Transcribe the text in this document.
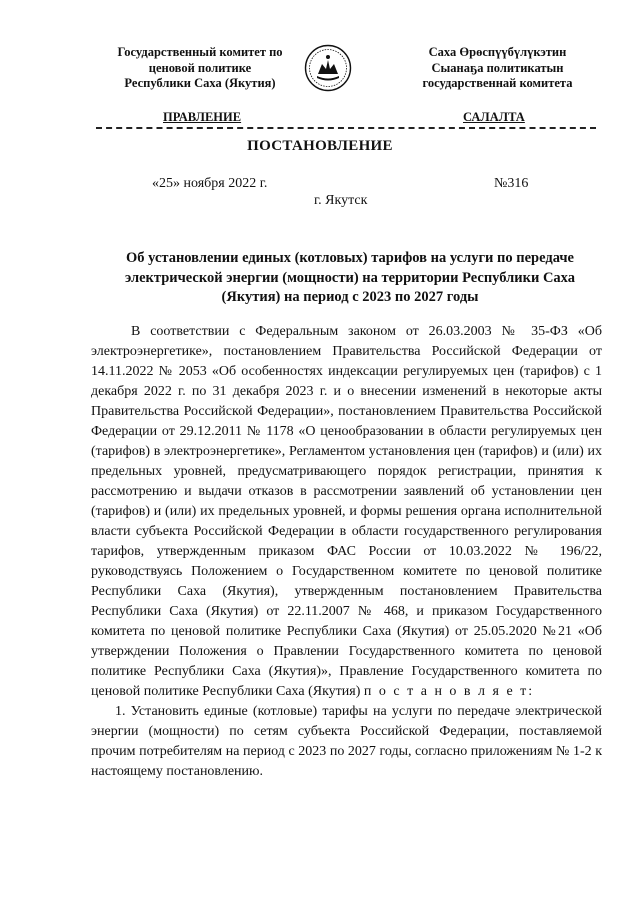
Государственный комитет по
ценовой политике
Республики Саха (Якутия)
Саха Өрөспүүбүлүкэтин
Сыанаҕа политикатын
государственнай комитета
ПРАВЛЕНИЕ	САЛАЛТА
ПОСТАНОВЛЕНИЕ
«25» ноября 2022 г.	№316
г. Якутск
Об установлении единых (котловых) тарифов на услуги по передаче
электрической энергии (мощности) на территории Республики Саха
(Якутия) на период с 2023 по 2027 годы

В соответствии с Федеральным законом от 26.03.2003 № 35-ФЗ «Об электроэнергетике», постановлением Правительства Российской Федерации от 14.11.2022 № 2053 «Об особенностях индексации регулируемых цен (тарифов) с 1 декабря 2022 г. по 31 декабря 2023 г. и о внесении изменений в некоторые акты Правительства Российской Федерации», постановлением Правительства Российской Федерации от 29.12.2011 № 1178 «О ценообразовании в области регулируемых цен (тарифов) в электроэнергетике», Регламентом установления цен (тарифов) и (или) их предельных уровней, предусматривающего порядок регистрации, принятия к рассмотрению и выдачи отказов в рассмотрении заявлений об установлении цен (тарифов) и (или) их предельных уровней, и формы решения органа исполнительной власти субъекта Российской Федерации в области государственного регулирования тарифов, утвержденным приказом ФАС России от 10.03.2022 № 196/22, руководствуясь Положением о Государственном комитете по ценовой политике Республики Саха (Якутия), утвержденным постановлением Правительства Республики Саха (Якутия) от 22.11.2007 № 468, и приказом Государственного комитета по ценовой политике Республики Саха (Якутия) от 25.05.2020 №21 «Об утверждении Положения о Правлении Государственного комитета по ценовой политике Республики Саха (Якутия)», Правление Государственного комитета по ценовой политике Республики Саха (Якутия) п о с т а н о в л я е т:

1. Установить единые (котловые) тарифы на услуги по передаче электрической энергии (мощности) по сетям субъекта Российской Федерации, поставляемой прочим потребителям на период с 2023 по 2027 годы, согласно приложениям № 1-2 к настоящему постановлению.
